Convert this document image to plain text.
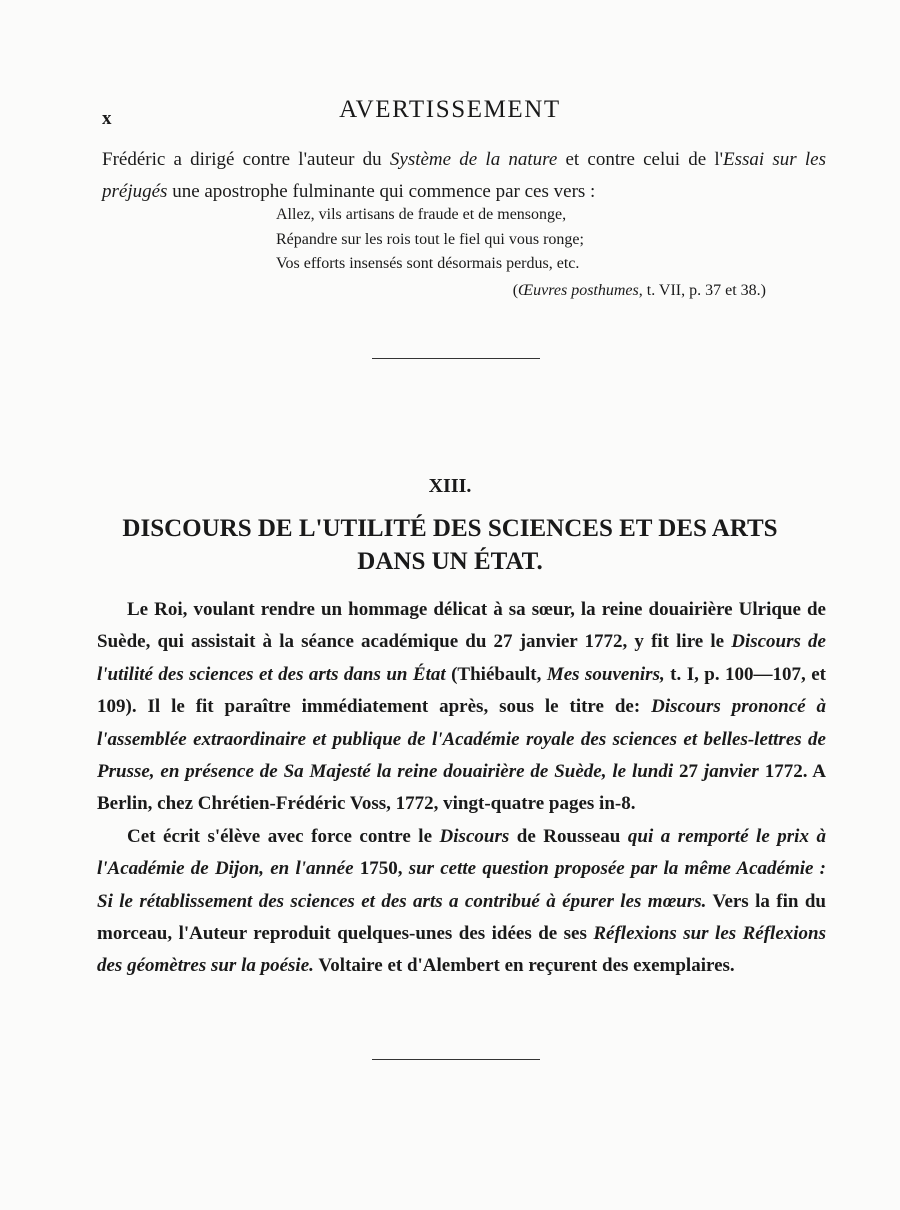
x	AVERTISSEMENT
Frédéric a dirigé contre l'auteur du Système de la nature et contre celui de l'Essai sur les préjugés une apostrophe fulminante qui commence par ces vers :
Allez, vils artisans de fraude et de mensonge,
Répandre sur les rois tout le fiel qui vous ronge;
Vos efforts insensés sont désormais perdus, etc.
(Œuvres posthumes, t. VII, p. 37 et 38.)
XIII.
DISCOURS DE L'UTILITÉ DES SCIENCES ET DES ARTS
DANS UN ÉTAT.

Le Roi, voulant rendre un hommage délicat à sa sœur, la reine douairière Ulrique de Suède, qui assistait à la séance académique du 27 janvier 1772, y fit lire le Discours de l'utilité des sciences et des arts dans un État (Thiébault, Mes souvenirs, t. I, p. 100—107, et 109). Il le fit paraître immédiatement après, sous le titre de: Discours prononcé à l'assemblée extraordinaire et publique de l'Académie royale des sciences et belles-lettres de Prusse, en présence de Sa Majesté la reine douairière de Suède, le lundi 27 janvier 1772. A Berlin, chez Chrétien-Frédéric Voss, 1772, vingt-quatre pages in-8.

Cet écrit s'élève avec force contre le Discours de Rousseau qui a remporté le prix à l'Académie de Dijon, en l'année 1750, sur cette question proposée par la même Académie : Si le rétablissement des sciences et des arts a contribué à épurer les mœurs. Vers la fin du morceau, l'Auteur reproduit quelques-unes des idées de ses Réflexions sur les Réflexions des géomètres sur la poésie. Voltaire et d'Alembert en reçurent des exemplaires.
